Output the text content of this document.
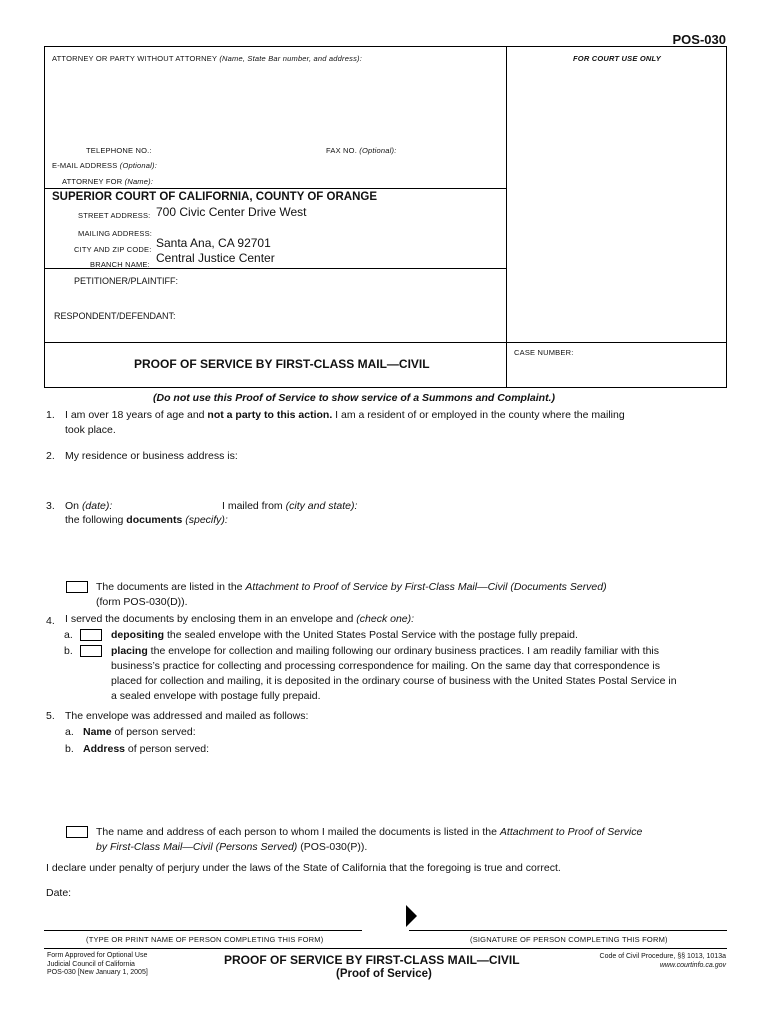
POS-030
ATTORNEY OR PARTY WITHOUT ATTORNEY (Name, State Bar number, and address):	FOR COURT USE ONLY
TELEPHONE NO.:	FAX NO. (Optional):
E-MAIL ADDRESS (Optional):
ATTORNEY FOR (Name):
SUPERIOR COURT OF CALIFORNIA, COUNTY OF ORANGE
STREET ADDRESS: 700 Civic Center Drive West
MAILING ADDRESS:
CITY AND ZIP CODE: Santa Ana, CA 92701
BRANCH NAME: Central Justice Center
PETITIONER/PLAINTIFF:
RESPONDENT/DEFENDANT:
PROOF OF SERVICE BY FIRST-CLASS MAIL—CIVIL
CASE NUMBER:
(Do not use this Proof of Service to show service of a Summons and Complaint.)
1. I am over 18 years of age and not a party to this action. I am a resident of or employed in the county where the mailing
took place.
2. My residence or business address is:
3. On (date):	I mailed from (city and state):
the following documents (specify):
The documents are listed in the Attachment to Proof of Service by First-Class Mail—Civil (Documents Served)
(form POS-030(D)).
4. I served the documents by enclosing them in an envelope and (check one):
a.	depositing the sealed envelope with the United States Postal Service with the postage fully prepaid.
b.	placing the envelope for collection and mailing following our ordinary business practices. I am readily familiar with this
business’s practice for collecting and processing correspondence for mailing. On the same day that correspondence is
placed for collection and mailing, it is deposited in the ordinary course of business with the United States Postal Service in
a sealed envelope with postage fully prepaid.
5. The envelope was addressed and mailed as follows:
a. Name of person served:
b. Address of person served:
The name and address of each person to whom I mailed the documents is listed in the Attachment to Proof of Service
by First-Class Mail—Civil (Persons Served) (POS-030(P)).
I declare under penalty of perjury under the laws of the State of California that the foregoing is true and correct.
Date:
(TYPE OR PRINT NAME OF PERSON COMPLETING THIS FORM)	(SIGNATURE OF PERSON COMPLETING THIS FORM)
Form Approved for Optional Use
Judicial Council of California
POS-030 [New January 1, 2005]
PROOF OF SERVICE BY FIRST-CLASS MAIL—CIVIL
(Proof of Service)
Code of Civil Procedure, §§ 1013, 1013a
www.courtinfo.ca.gov
